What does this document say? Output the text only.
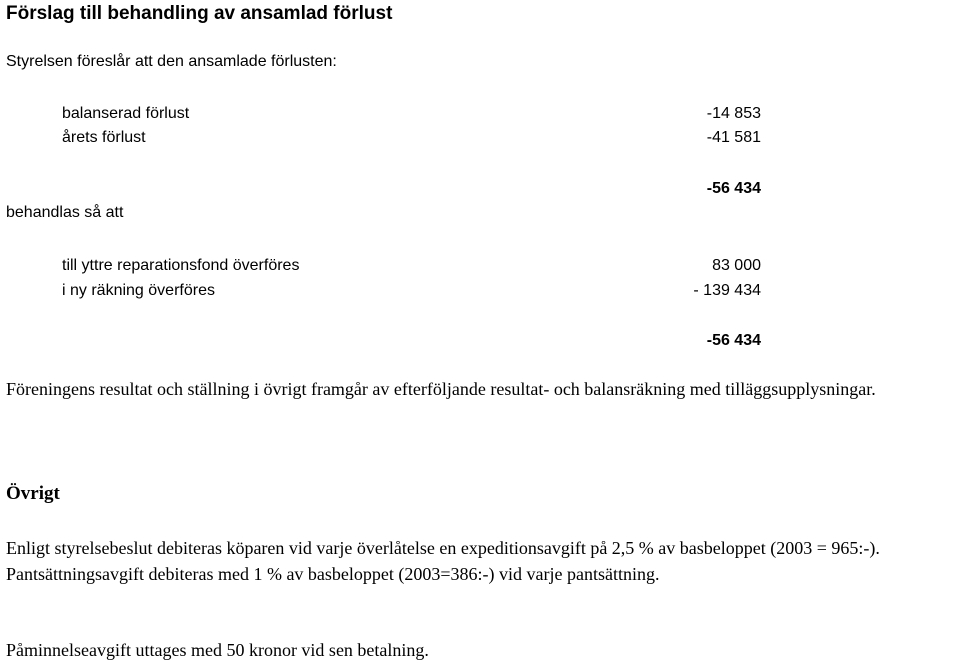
Förslag till behandling av ansamlad förlust
Styrelsen föreslår att den ansamlade förlusten:
balanserad förlust	-14 853
årets förlust	-41 581
-56 434
behandlas så att
till yttre reparationsfond överföres	83 000
i ny räkning överföres	- 139 434
-56 434
Föreningens resultat och ställning i övrigt framgår av efterföljande resultat- och balansräkning med tilläggsupplysningar.
Övrigt
Enligt styrelsebeslut debiteras köparen vid varje överlåtelse en expeditionsavgift på 2,5 % av basbeloppet (2003 = 965:-). Pantsättningsavgift debiteras med 1 % av basbeloppet (2003=386:-) vid varje pantsättning.
Påminnelseavgift uttages med 50 kronor vid sen betalning.
